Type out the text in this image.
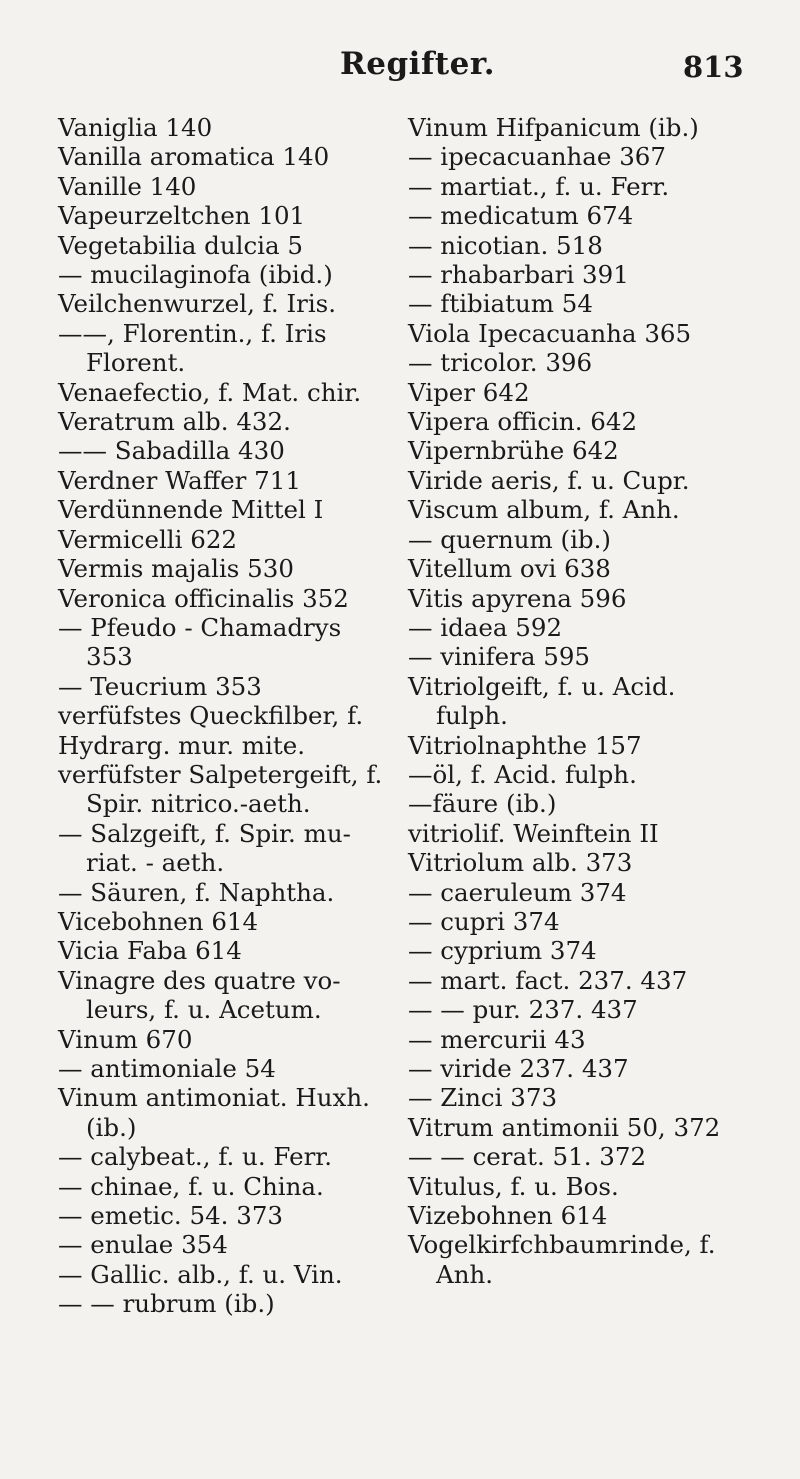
Regifter.	813
Vaniglia 140
Vanilla aromatica 140
Vanille 140
Vapeurzeltchen 101
Vegetabilia dulcia 5
— mucilaginofa (ibid.)
Veilchenwurzel, f. Iris.
——, Florentin., f. Iris
Florent.
Venaefectio, f. Mat. chir.
Veratrum alb. 432.
—— Sabadilla 430
Verdner Waffer 711
Verdünnende Mittel I
Vermicelli 622
Vermis majalis 530
Veronica officinalis 352
— Pfeudo - Chamadrys
353
— Teucrium 353
verfüfstes Queckfilber, f.
Hydrarg. mur. mite.
verfüfster Salpetergeift, f.
Spir. nitrico.-aeth.
— Salzgeift, f. Spir. mu-
riat. - aeth.
— Säuren, f. Naphtha.
Vicebohnen 614
Vicia Faba 614
Vinagre des quatre vo-
leurs, f. u. Acetum.
Vinum 670
— antimoniale 54
Vinum antimoniat. Huxh.
(ib.)
— calybeat., f. u. Ferr.
— chinae, f. u. China.
— emetic. 54. 373
— enulae 354
— Gallic. alb., f. u. Vin.
— — rubrum (ib.)
Vinum Hifpanicum (ib.)
— ipecacuanhae 367
— martiat., f. u. Ferr.
— medicatum 674
— nicotian. 518
— rhabarbari 391
— ftibiatum 54
Viola Ipecacuanha 365
— tricolor. 396
Viper 642
Vipera officin. 642
Vipernbrühe 642
Viride aeris, f. u. Cupr.
Viscum album, f. Anh.
— quernum (ib.)
Vitellum ovi 638
Vitis apyrena 596
— idaea 592
— vinifera 595
Vitriolgeift, f. u. Acid.
fulph.
Vitriolnaphthe 157
—öl, f. Acid. fulph.
—fäure (ib.)
vitriolif. Weinftein II
Vitriolum alb. 373
— caeruleum 374
— cupri 374
— cyprium 374
— mart. fact. 237. 437
— — pur. 237. 437
— mercurii 43
— viride 237. 437
— Zinci 373
Vitrum antimonii 50, 372
— — cerat. 51. 372
Vitulus, f. u. Bos.
Vizebohnen 614
Vogelkirfchbaumrinde, f.
Anh.
